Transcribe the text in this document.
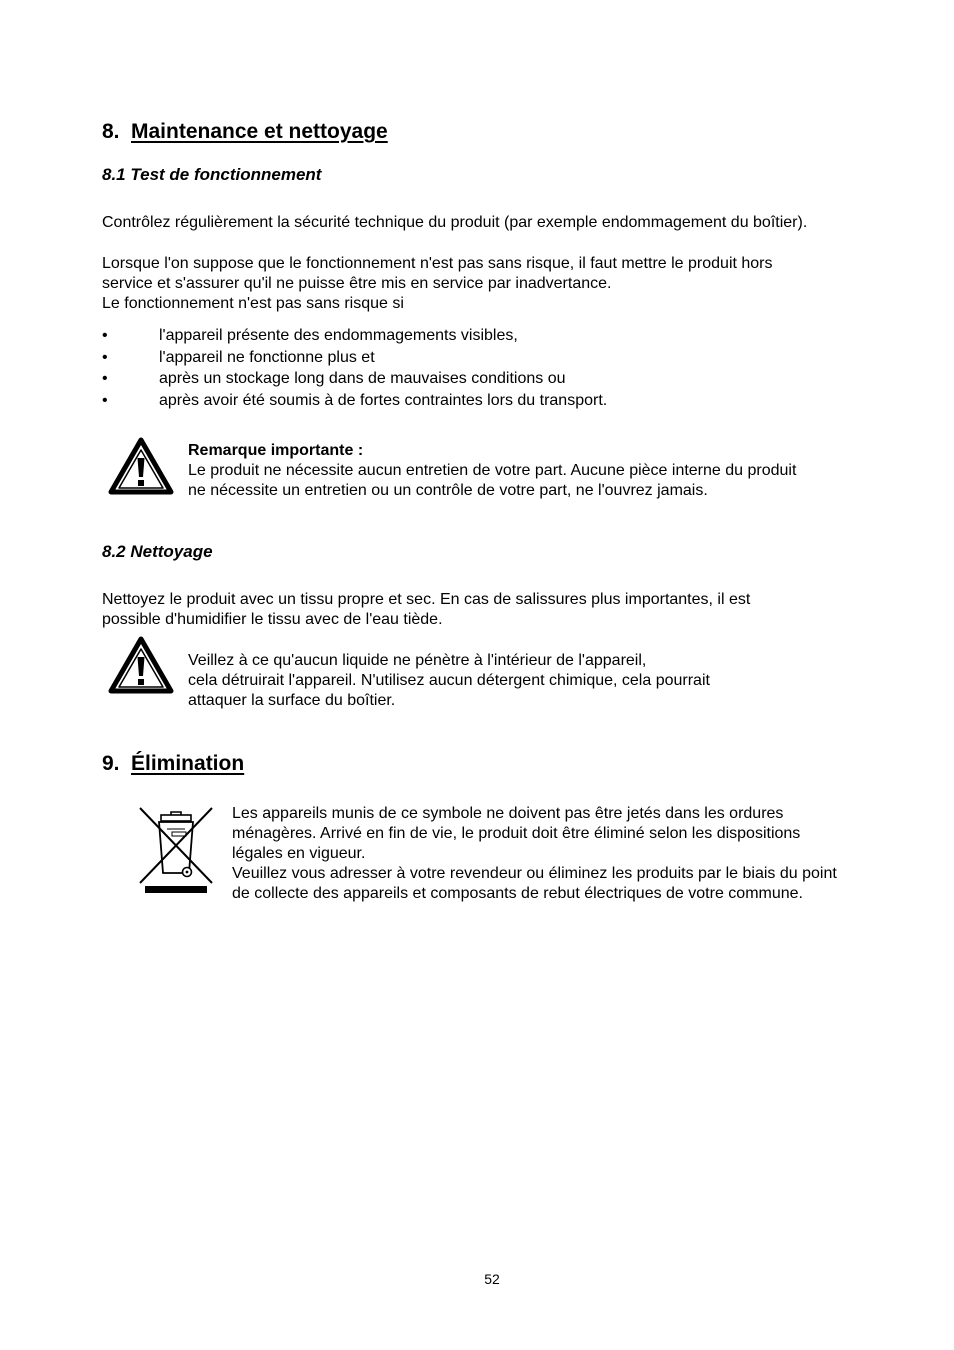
8. Maintenance et nettoyage
8.1 Test de fonctionnement
Contrôlez régulièrement la sécurité technique du produit (par exemple endommagement du boîtier).
Lorsque l'on suppose que le fonctionnement n'est pas sans risque, il faut mettre le produit hors
service et s'assurer qu'il ne puisse être mis en service par inadvertance.
Le fonctionnement n'est pas sans risque si
•	l'appareil présente des endommagements visibles,
•	l'appareil ne fonctionne plus et
•	après un stockage long dans de mauvaises conditions ou
•	après avoir été soumis à de fortes contraintes lors du transport.
Remarque importante :
Le produit ne nécessite aucun entretien de votre part. Aucune pièce interne du produit
ne nécessite un entretien ou un contrôle de votre part, ne l'ouvrez jamais.
8.2 Nettoyage
Nettoyez le produit avec un tissu propre et sec. En cas de salissures plus importantes, il est
possible d'humidifier le tissu avec de l'eau tiède.
Veillez à ce qu'aucun liquide ne pénètre à l'intérieur de l'appareil,
cela détruirait l'appareil. N'utilisez aucun détergent chimique, cela pourrait
attaquer la surface du boîtier.
9. Élimination
Les appareils munis de ce symbole ne doivent pas être jetés dans les ordures
ménagères. Arrivé en fin de vie, le produit doit être éliminé selon les dispositions
légales en vigueur.
Veuillez vous adresser à votre revendeur ou éliminez les produits par le biais du point
de collecte des appareils et composants de rebut électriques de votre commune.
52
